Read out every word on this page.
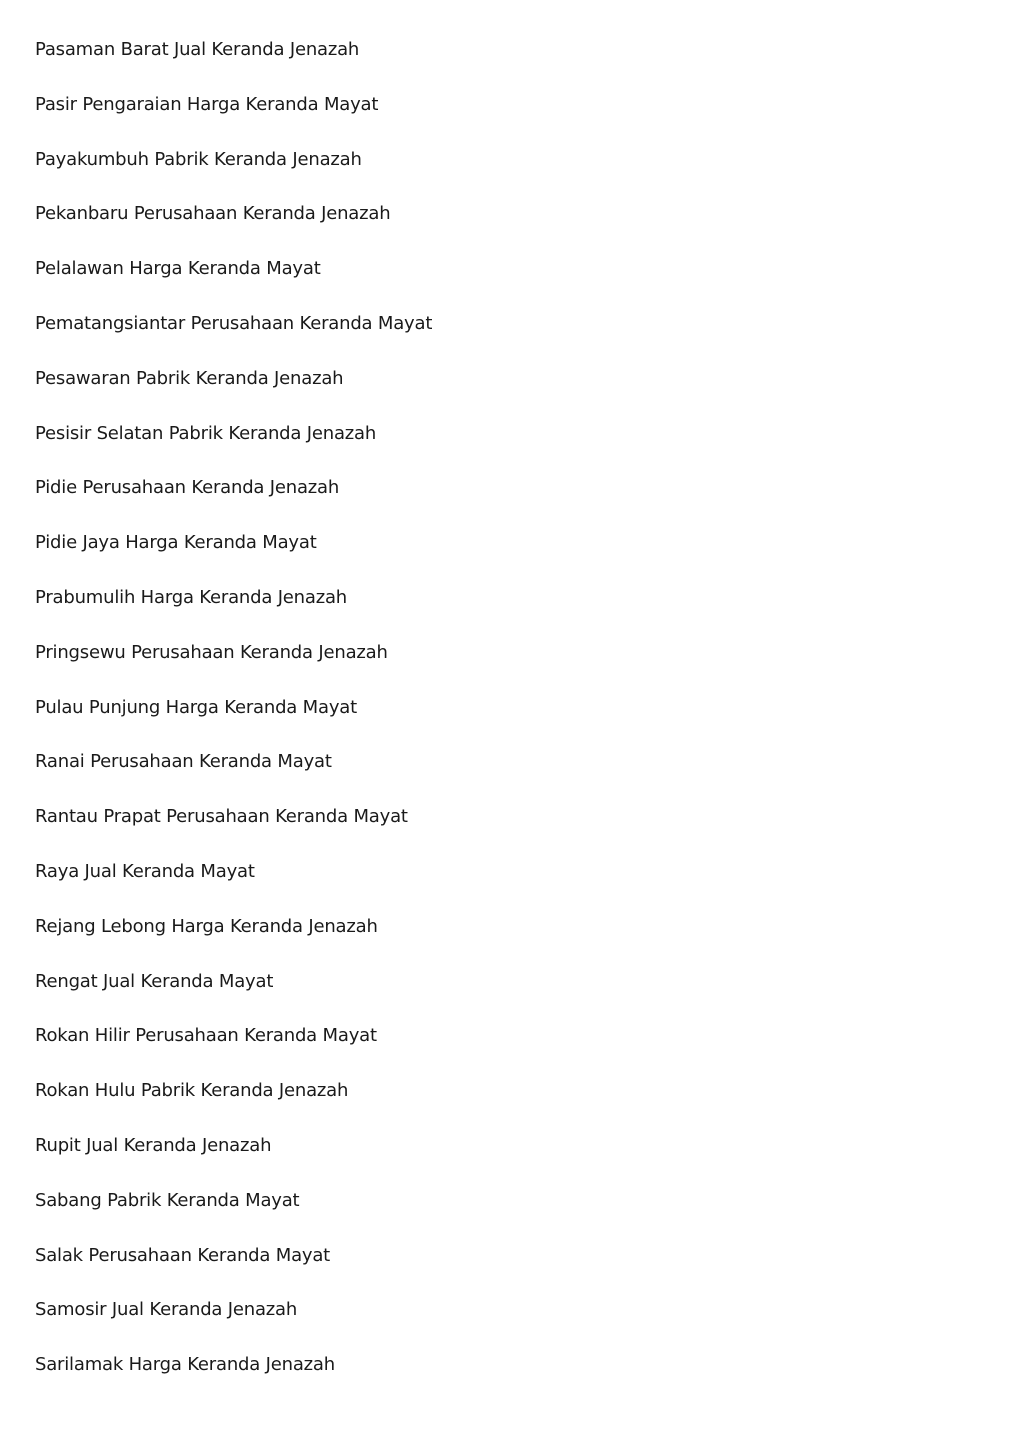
Pasaman Barat Jual Keranda Jenazah
Pasir Pengaraian Harga Keranda Mayat
Payakumbuh Pabrik Keranda Jenazah
Pekanbaru Perusahaan Keranda Jenazah
Pelalawan Harga Keranda Mayat
Pematangsiantar Perusahaan Keranda Mayat
Pesawaran Pabrik Keranda Jenazah
Pesisir Selatan Pabrik Keranda Jenazah
Pidie Perusahaan Keranda Jenazah
Pidie Jaya Harga Keranda Mayat
Prabumulih Harga Keranda Jenazah
Pringsewu Perusahaan Keranda Jenazah
Pulau Punjung Harga Keranda Mayat
Ranai Perusahaan Keranda Mayat
Rantau Prapat Perusahaan Keranda Mayat
Raya Jual Keranda Mayat
Rejang Lebong Harga Keranda Jenazah
Rengat Jual Keranda Mayat
Rokan Hilir Perusahaan Keranda Mayat
Rokan Hulu Pabrik Keranda Jenazah
Rupit Jual Keranda Jenazah
Sabang Pabrik Keranda Mayat
Salak Perusahaan Keranda Mayat
Samosir Jual Keranda Jenazah
Sarilamak Harga Keranda Jenazah
